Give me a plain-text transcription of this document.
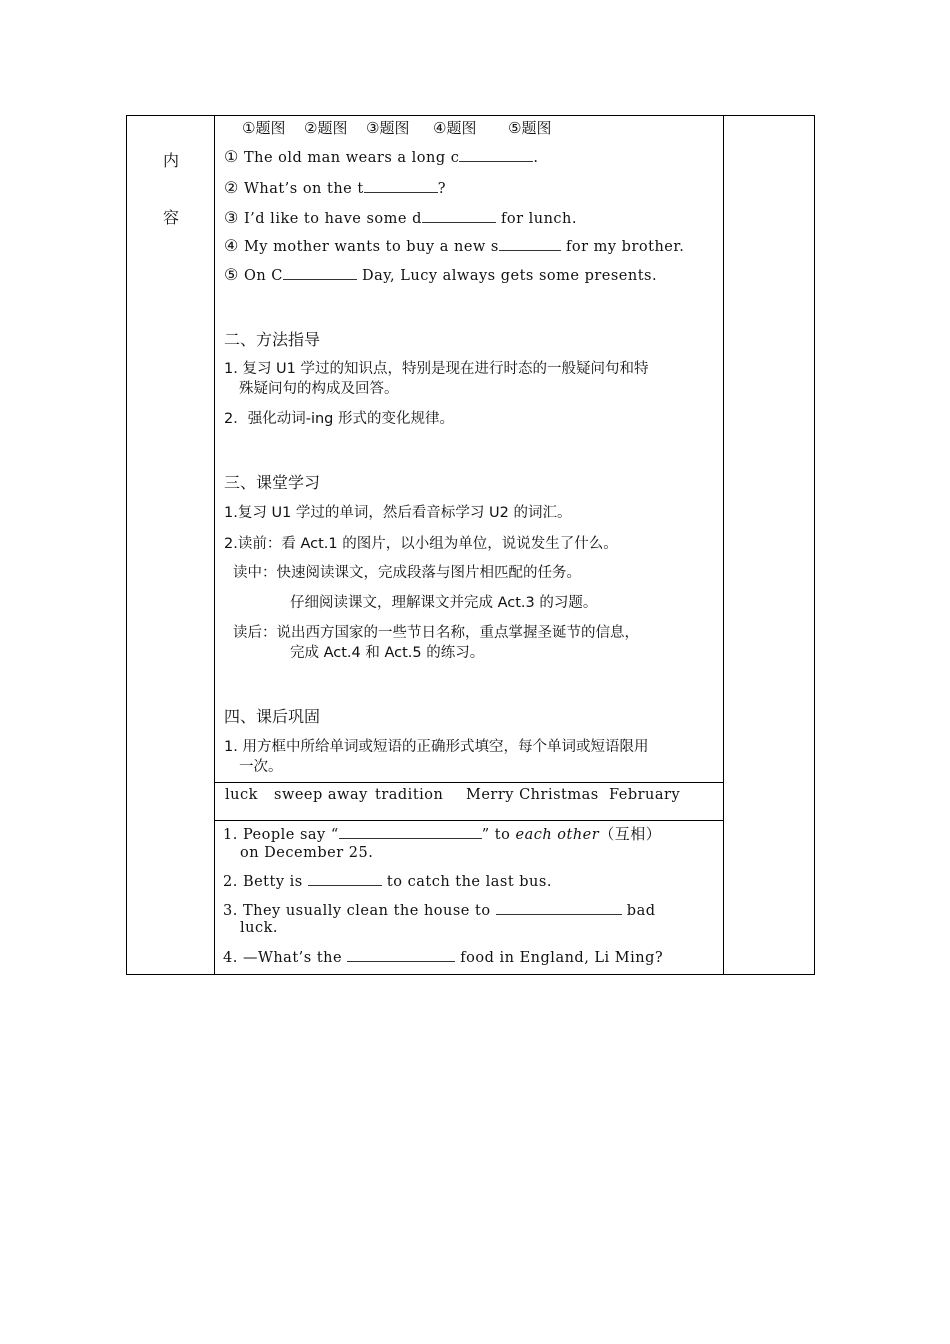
内
容
①题图 ②题图 ③题图 ④题图 ⑤题图
① The old man wears a long c	.
② What’s on the t	?
③ I’d like to have some d	for lunch.
④ My mother wants to buy a new s	for my brother.
⑤ On C	Day, Lucy always gets some presents.
二、方法指导
1. 复习 U1 学过的知识点，特别是现在进行时态的一般疑问句和特
殊疑问句的构成及回答。
2．强化动词-ing 形式的变化规律。
三、课堂学习
1.复习 U1 学过的单词，然后看音标学习 U2 的词汇。
2.读前：看 Act.1 的图片，以小组为单位，说说发生了什么。
读中：快速阅读课文，完成段落与图片相匹配的任务。
仔细阅读课文，理解课文并完成 Act.3 的习题。
读后：说出西方国家的一些节日名称，重点掌握圣诞节的信息，
完成 Act.4 和 Act.5 的练习。
四、课后巩固
1. 用方框中所给单词或短语的正确形式填空，每个单词或短语限用
一次。
luck sweep away tradition Merry Christmas February
1. People say “	” to each other（互相）
on December 25.
2. Betty is	to catch the last bus.
3. They usually clean the house to	bad
luck.
4. —What’s the	food in England, Li Ming?
